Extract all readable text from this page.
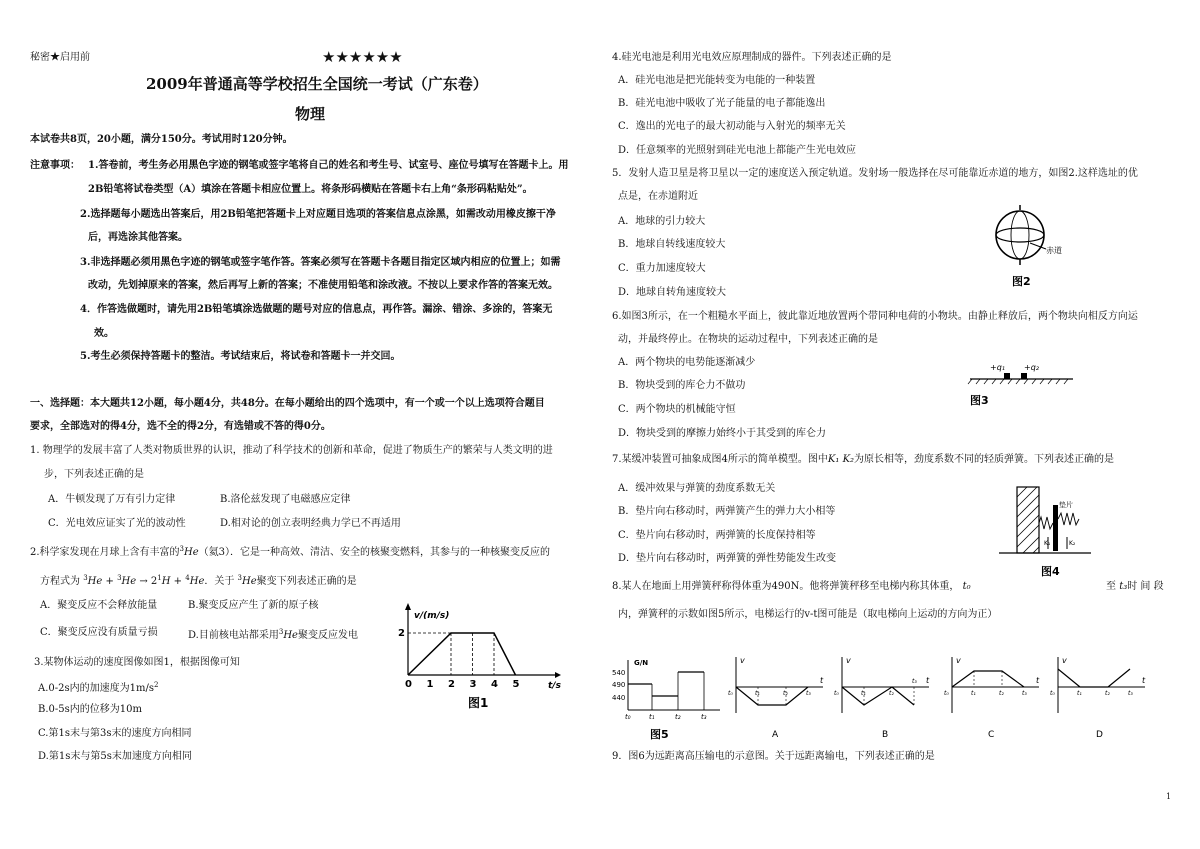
秘密★启用前	★★★★★★
2009年普通高等学校招生全国统一考试（广东卷）
物理
本试卷共8页，20小题，满分150分。考试用时120分钟。
注意事项： 1.答卷前，考生务必用黑色字迹的钢笔或签字笔将自己的姓名和考生号、试室号、座位号填写在答题卡上。用
2B铅笔将试卷类型（A）填涂在答题卡相应位置上。将条形码横贴在答题卡右上角“条形码粘贴处”。
2.选择题每小题选出答案后，用2B铅笔把答题卡上对应题目选项的答案信息点涂黑，如需改动用橡皮擦干净
后，再选涂其他答案。
3.非选择题必须用黑色字迹的钢笔或签字笔作答。答案必须写在答题卡各题目指定区域内相应的位置上；如需
改动，先划掉原来的答案，然后再写上新的答案；不准使用铅笔和涂改液。不按以上要求作答的答案无效。
4．作答选做题时，请先用2B铅笔填涂选做题的题号对应的信息点，再作答。漏涂、错涂、多涂的，答案无
效。
5.考生必须保持答题卡的整洁。考试结束后，将试卷和答题卡一并交回。
一、选择题：本大题共12小题，每小题4分，共48分。在每小题给出的四个选项中，有一个或一个以上选项符合题目
要求，全部选对的得4分，选不全的得2分，有选错或不答的得0分。
1. 物理学的发展丰富了人类对物质世界的认识，推动了科学技术的创新和革命，促进了物质生产的繁荣与人类文明的进
步，下列表述正确的是
A．牛顿发现了万有引力定律	B.洛伦兹发现了电磁感应定律
C．光电效应证实了光的波动性	D.相对论的创立表明经典力学已不再适用
2.科学家发现在月球上含有丰富的$^3$He（氦3）．它是一种高效、清洁、安全的核聚变燃料，其参与的一种核聚变反应的
方程式为 $^3He + ^3He \to 2^1H + ^4He$．关于 $^3$He聚变下列表述正确的是
A．聚变反应不会释放能量	B.聚变反应产生了新的原子核
C．聚变反应没有质量亏损	D.目前核电站都采用$^3$He聚变反应发电
3.某物体运动的速度图像如图1，根据图像可知
A.0-2s内的加速度为$1m/s^2$
B.0-5s内的位移为10m
C.第1s末与第3s末的速度方向相同
D.第1s末与第5s末加速度方向相同
v/(m/s)
t/s
2
0 1 2 3 4 5
图1
4.硅光电池是利用光电效应原理制成的器件。下列表述正确的是
A．硅光电池是把光能转变为电能的一种装置
B．硅光电池中吸收了光子能量的电子都能逸出
C．逸出的光电子的最大初动能与入射光的频率无关
D．任意频率的光照射到硅光电池上都能产生光电效应
5．发射人造卫星是将卫星以一定的速度送入预定轨道。发射场一般选择在尽可能靠近赤道的地方，如图2.这样选址的优
点是，在赤道附近
A．地球的引力较大
B．地球自转线速度较大
C．重力加速度较大
D．地球自转角速度较大
赤道
图2
6.如图3所示，在一个粗糙水平面上，彼此靠近地放置两个带同种电荷的小物块。由静止释放后，两个物块向相反方向运
动，并最终停止。在物块的运动过程中，下列表述正确的是
A．两个物块的电势能逐渐减少
B．物块受到的库仑力不做功
C．两个物块的机械能守恒
D．物块受到的摩擦力始终小于其受到的库仑力
+q₁ +q₂
图3
7.某缓冲装置可抽象成图4所示的简单模型。图中K₁ K₂为原长相等，劲度系数不同的轻质弹簧。下列表述正确的是
A．缓冲效果与弹簧的劲度系数无关
B．垫片向右移动时，两弹簧产生的弹力大小相等
C．垫片向右移动时，两弹簧的长度保持相等
D．垫片向右移动时，两弹簧的弹性势能发生改变
垫片
K₁	K₂
图4
8.某人在地面上用弹簧秤称得体重为490N。他将弹簧秤移至电梯内称其体重， t₀	至 t₃时 间 段
内，弹簧秤的示数如图5所示，电梯运行的v-t图可能是（取电梯向上运动的方向为正）
G/N
540
490
440
t₀	t₁	t₂	t₃
图5
v
t
t₀	t₁	t₂	t₃
A
v
t
t₀	t₁	t₂
t₃
B
v
t
t₀	t₁	t₂	t₃
C
v
t
t₀	t₁	t₂	t₃
D
9．图6为远距离高压输电的示意图。关于远距离输电，下列表述正确的是
1
